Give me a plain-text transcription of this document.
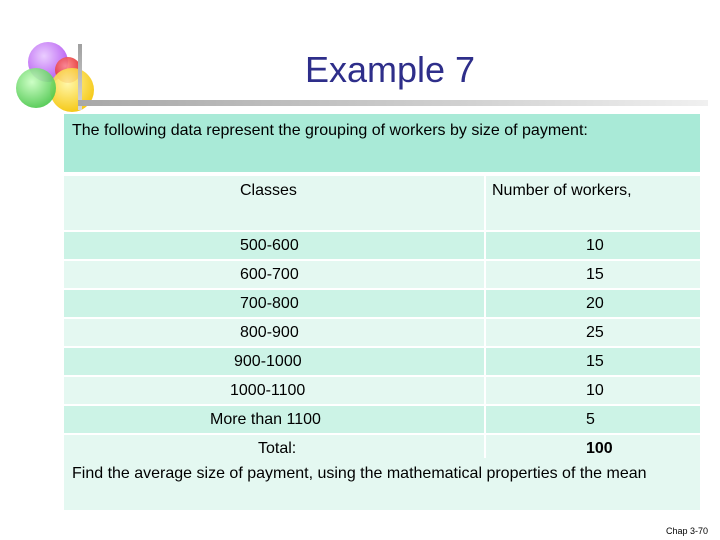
Example 7
The following data represent the grouping of workers by size of payment:
Classes	Number of workers,
500-600	10
600-700	15
700-800	20
800-900	25
900-1000	15
1000-1100	10
More than 1100	5
Total:	100
Find the average size of payment, using the mathematical properties of the mean
Chap 3-70
